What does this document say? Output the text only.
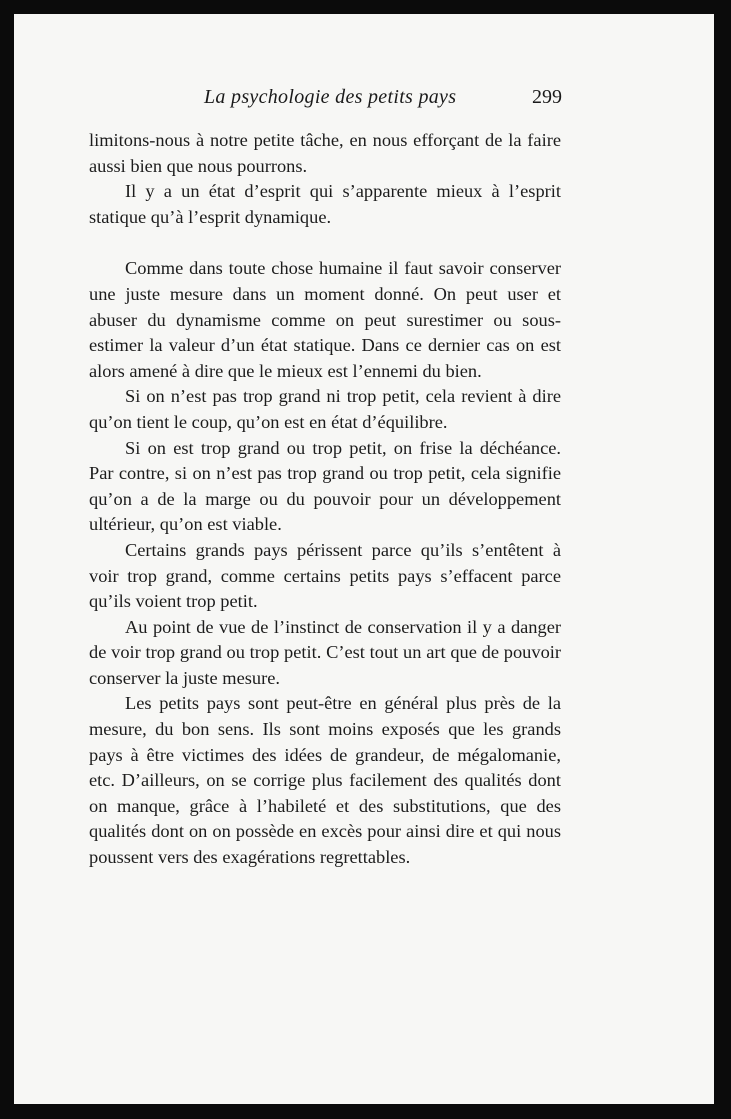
La psychologie des petits pays	299

limitons-nous à notre petite tâche, en nous efforçant de la faire aussi bien que nous pourrons.

Il y a un état d’esprit qui s’apparente mieux à l’esprit statique qu’à l’esprit dynamique.

Comme dans toute chose humaine il faut savoir conserver une juste mesure dans un moment donné. On peut user et abuser du dynamisme comme on peut surestimer ou sous-estimer la valeur d’un état statique. Dans ce dernier cas on est alors amené à dire que le mieux est l’ennemi du bien.

Si on n’est pas trop grand ni trop petit, cela revient à dire qu’on tient le coup, qu’on est en état d’équilibre.

Si on est trop grand ou trop petit, on frise la déchéance. Par contre, si on n’est pas trop grand ou trop petit, cela signifie qu’on a de la marge ou du pouvoir pour un développement ultérieur, qu’on est viable.

Certains grands pays périssent parce qu’ils s’entêtent à voir trop grand, comme certains petits pays s’effacent parce qu’ils voient trop petit.

Au point de vue de l’instinct de conservation il y a danger de voir trop grand ou trop petit. C’est tout un art que de pouvoir conserver la juste mesure.

Les petits pays sont peut-être en général plus près de la mesure, du bon sens. Ils sont moins exposés que les grands pays à être victimes des idées de grandeur, de mégalomanie, etc. D’ailleurs, on se corrige plus facilement des qualités dont on manque, grâce à l’habileté et des substitutions, que des qualités dont on on possède en excès pour ainsi dire et qui nous poussent vers des exagérations regrettables.
